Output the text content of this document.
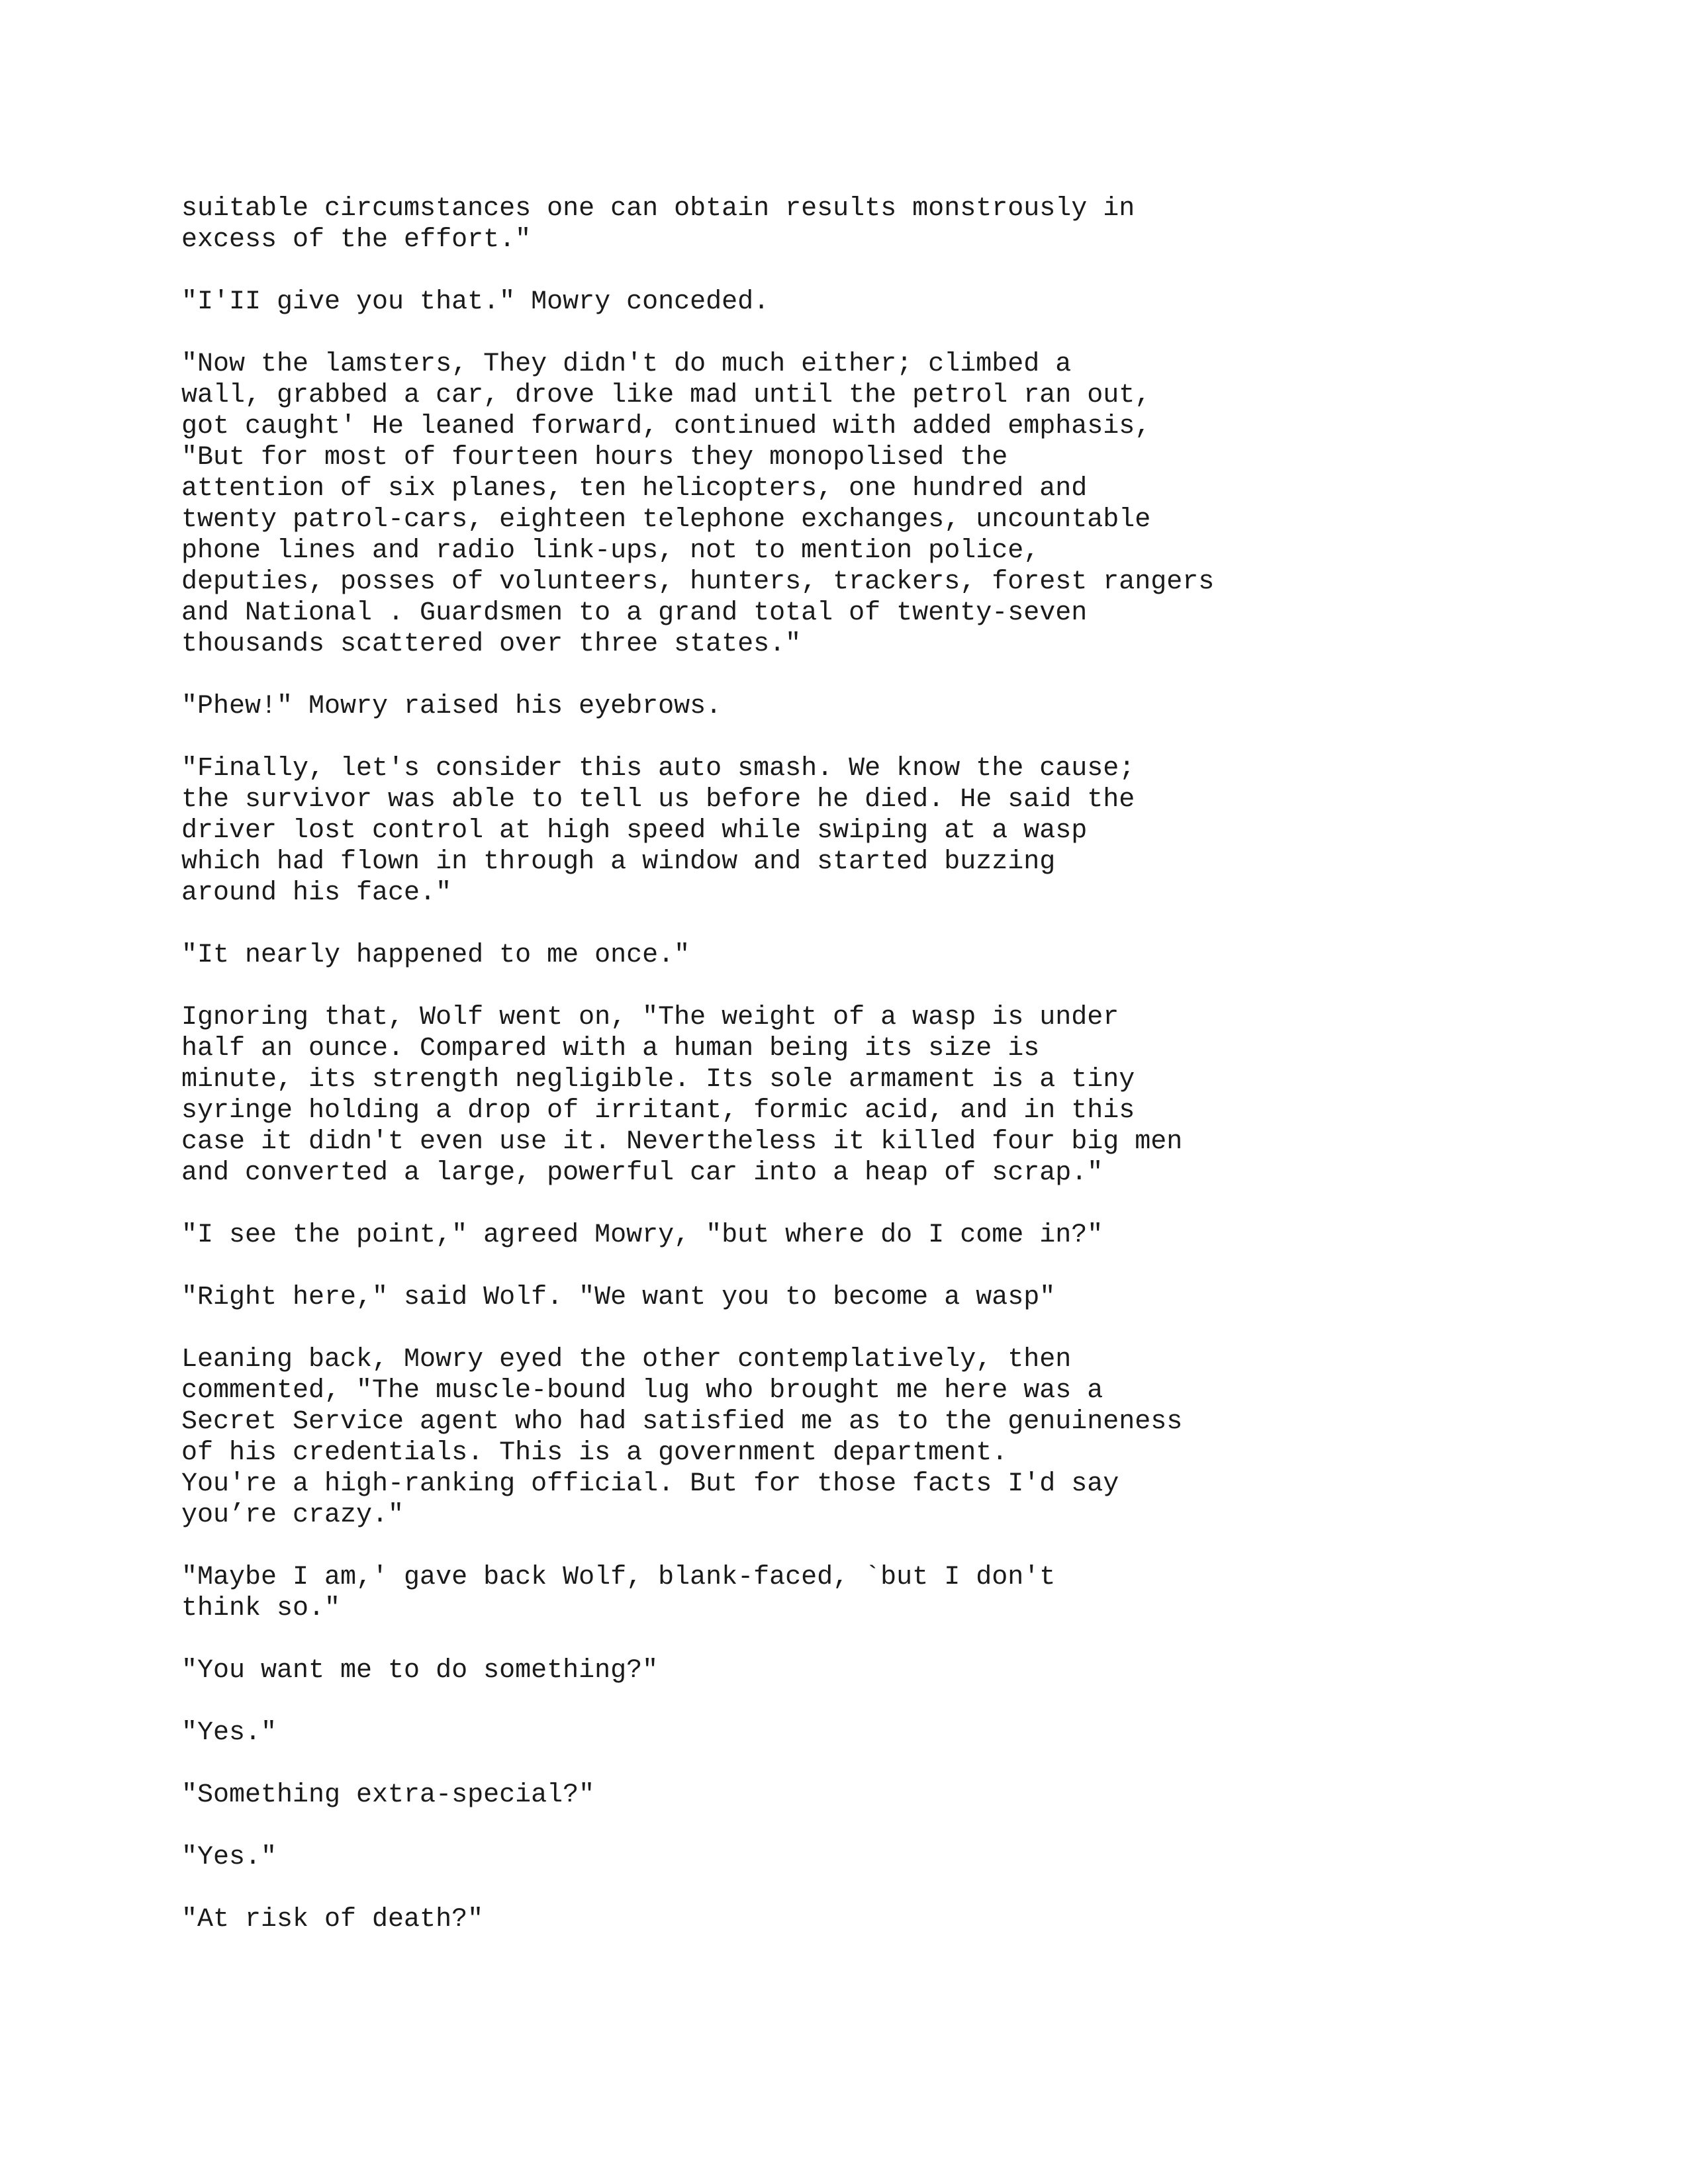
suitable circumstances one can obtain results monstrously in
excess of the effort."
"I'II give you that." Mowry conceded.
"Now the lamsters, They didn't do much either; climbed a
wall, grabbed a car, drove like mad until the petrol ran out,
got caught' He leaned forward, continued with added emphasis,
"But for most of fourteen hours they monopolised the
attention of six planes, ten helicopters, one hundred and
twenty patrol-cars, eighteen telephone exchanges, uncountable
phone lines and radio link-ups, not to mention police,
deputies, posses of volunteers, hunters, trackers, forest rangers
and National . Guardsmen to a grand total of twenty-seven
thousands scattered over three states."
"Phew!" Mowry raised his eyebrows.
"Finally, let's consider this auto smash. We know the cause;
the survivor was able to tell us before he died. He said the
driver lost control at high speed while swiping at a wasp
which had flown in through a window and started buzzing
around his face."
"It nearly happened to me once."
Ignoring that, Wolf went on, "The weight of a wasp is under
half an ounce. Compared with a human being its size is
minute, its strength negligible. Its sole armament is a tiny
syringe holding a drop of irritant, formic acid, and in this
case it didn't even use it. Nevertheless it killed four big men
and converted a large, powerful car into a heap of scrap."
"I see the point," agreed Mowry, "but where do I come in?"
"Right here," said Wolf. "We want you to become a wasp"
Leaning back, Mowry eyed the other contemplatively, then
commented, "The muscle-bound lug who brought me here was a
Secret Service agent who had satisfied me as to the genuineness
of his credentials. This is a government department.
You're a high-ranking official. But for those facts I'd say
you’re crazy."
"Maybe I am,' gave back Wolf, blank-faced, `but I don't
think so."
"You want me to do something?"
"Yes."
"Something extra-special?"
"Yes."
"At risk of death?"
